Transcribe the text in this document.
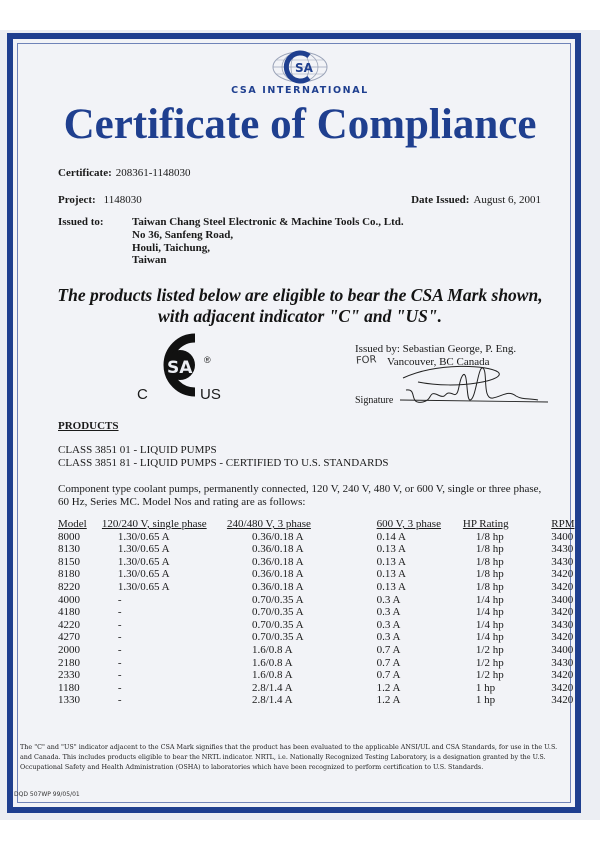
SA
CSA INTERNATIONAL
Certificate of Compliance
Certificate: 208361-1148030
Project: 1148030	Date Issued: August 6, 2001
Issued to:	Taiwan Chang Steel Electronic & Machine Tools Co., Ltd.
No 36, Sanfeng Road,
Houli, Taichung,
Taiwan
The products listed below are eligible to bear the CSA Mark shown,
with adjacent indicator "C" and "US".
SA ®
C	US
Issued by: Sebastian George, P. Eng.
FOR Vancouver, BC Canada
Signature
PRODUCTS
CLASS 3851 01 - LIQUID PUMPS
CLASS 3851 81 - LIQUID PUMPS - CERTIFIED TO U.S. STANDARDS
Component type coolant pumps, permanently connected, 120 V, 240 V, 480 V, or 600 V, single or three phase,
60 Hz, Series MC. Model Nos and rating are as follows:
Model	120/240 V, single phase	240/480 V, 3 phase	600 V, 3 phase	HP Rating	RPM
8000	1.30/0.65 A	0.36/0.18 A	0.14 A	1/8 hp	3400
8130	1.30/0.65 A	0.36/0.18 A	0.13 A	1/8 hp	3430
8150	1.30/0.65 A	0.36/0.18 A	0.13 A	1/8 hp	3430
8180	1.30/0.65 A	0.36/0.18 A	0.13 A	1/8 hp	3420
8220	1.30/0.65 A	0.36/0.18 A	0.13 A	1/8 hp	3420
4000	-	0.70/0.35 A	0.3 A	1/4 hp	3400
4180	-	0.70/0.35 A	0.3 A	1/4 hp	3420
4220	-	0.70/0.35 A	0.3 A	1/4 hp	3430
4270	-	0.70/0.35 A	0.3 A	1/4 hp	3420
2000	-	1.6/0.8 A	0.7 A	1/2 hp	3400
2180	-	1.6/0.8 A	0.7 A	1/2 hp	3430
2330	-	1.6/0.8 A	0.7 A	1/2 hp	3420
1180	-	2.8/1.4 A	1.2 A	1 hp	3420
1330	-	2.8/1.4 A	1.2 A	1 hp	3420
The "C" and "US" indicator adjacent to the CSA Mark signifies that the product has been evaluated to the applicable ANSI/UL and CSA Standards, for use in the U.S. and Canada. This includes products eligible to bear the NRTL indicator. NRTL, i.e. Nationally Recognized Testing Laboratory, is a designation granted by the U.S. Occupational Safety and Health Administration (OSHA) to laboratories which have been recognized to perform certification to U.S. Standards.
DQD 507WP 99/05/01
